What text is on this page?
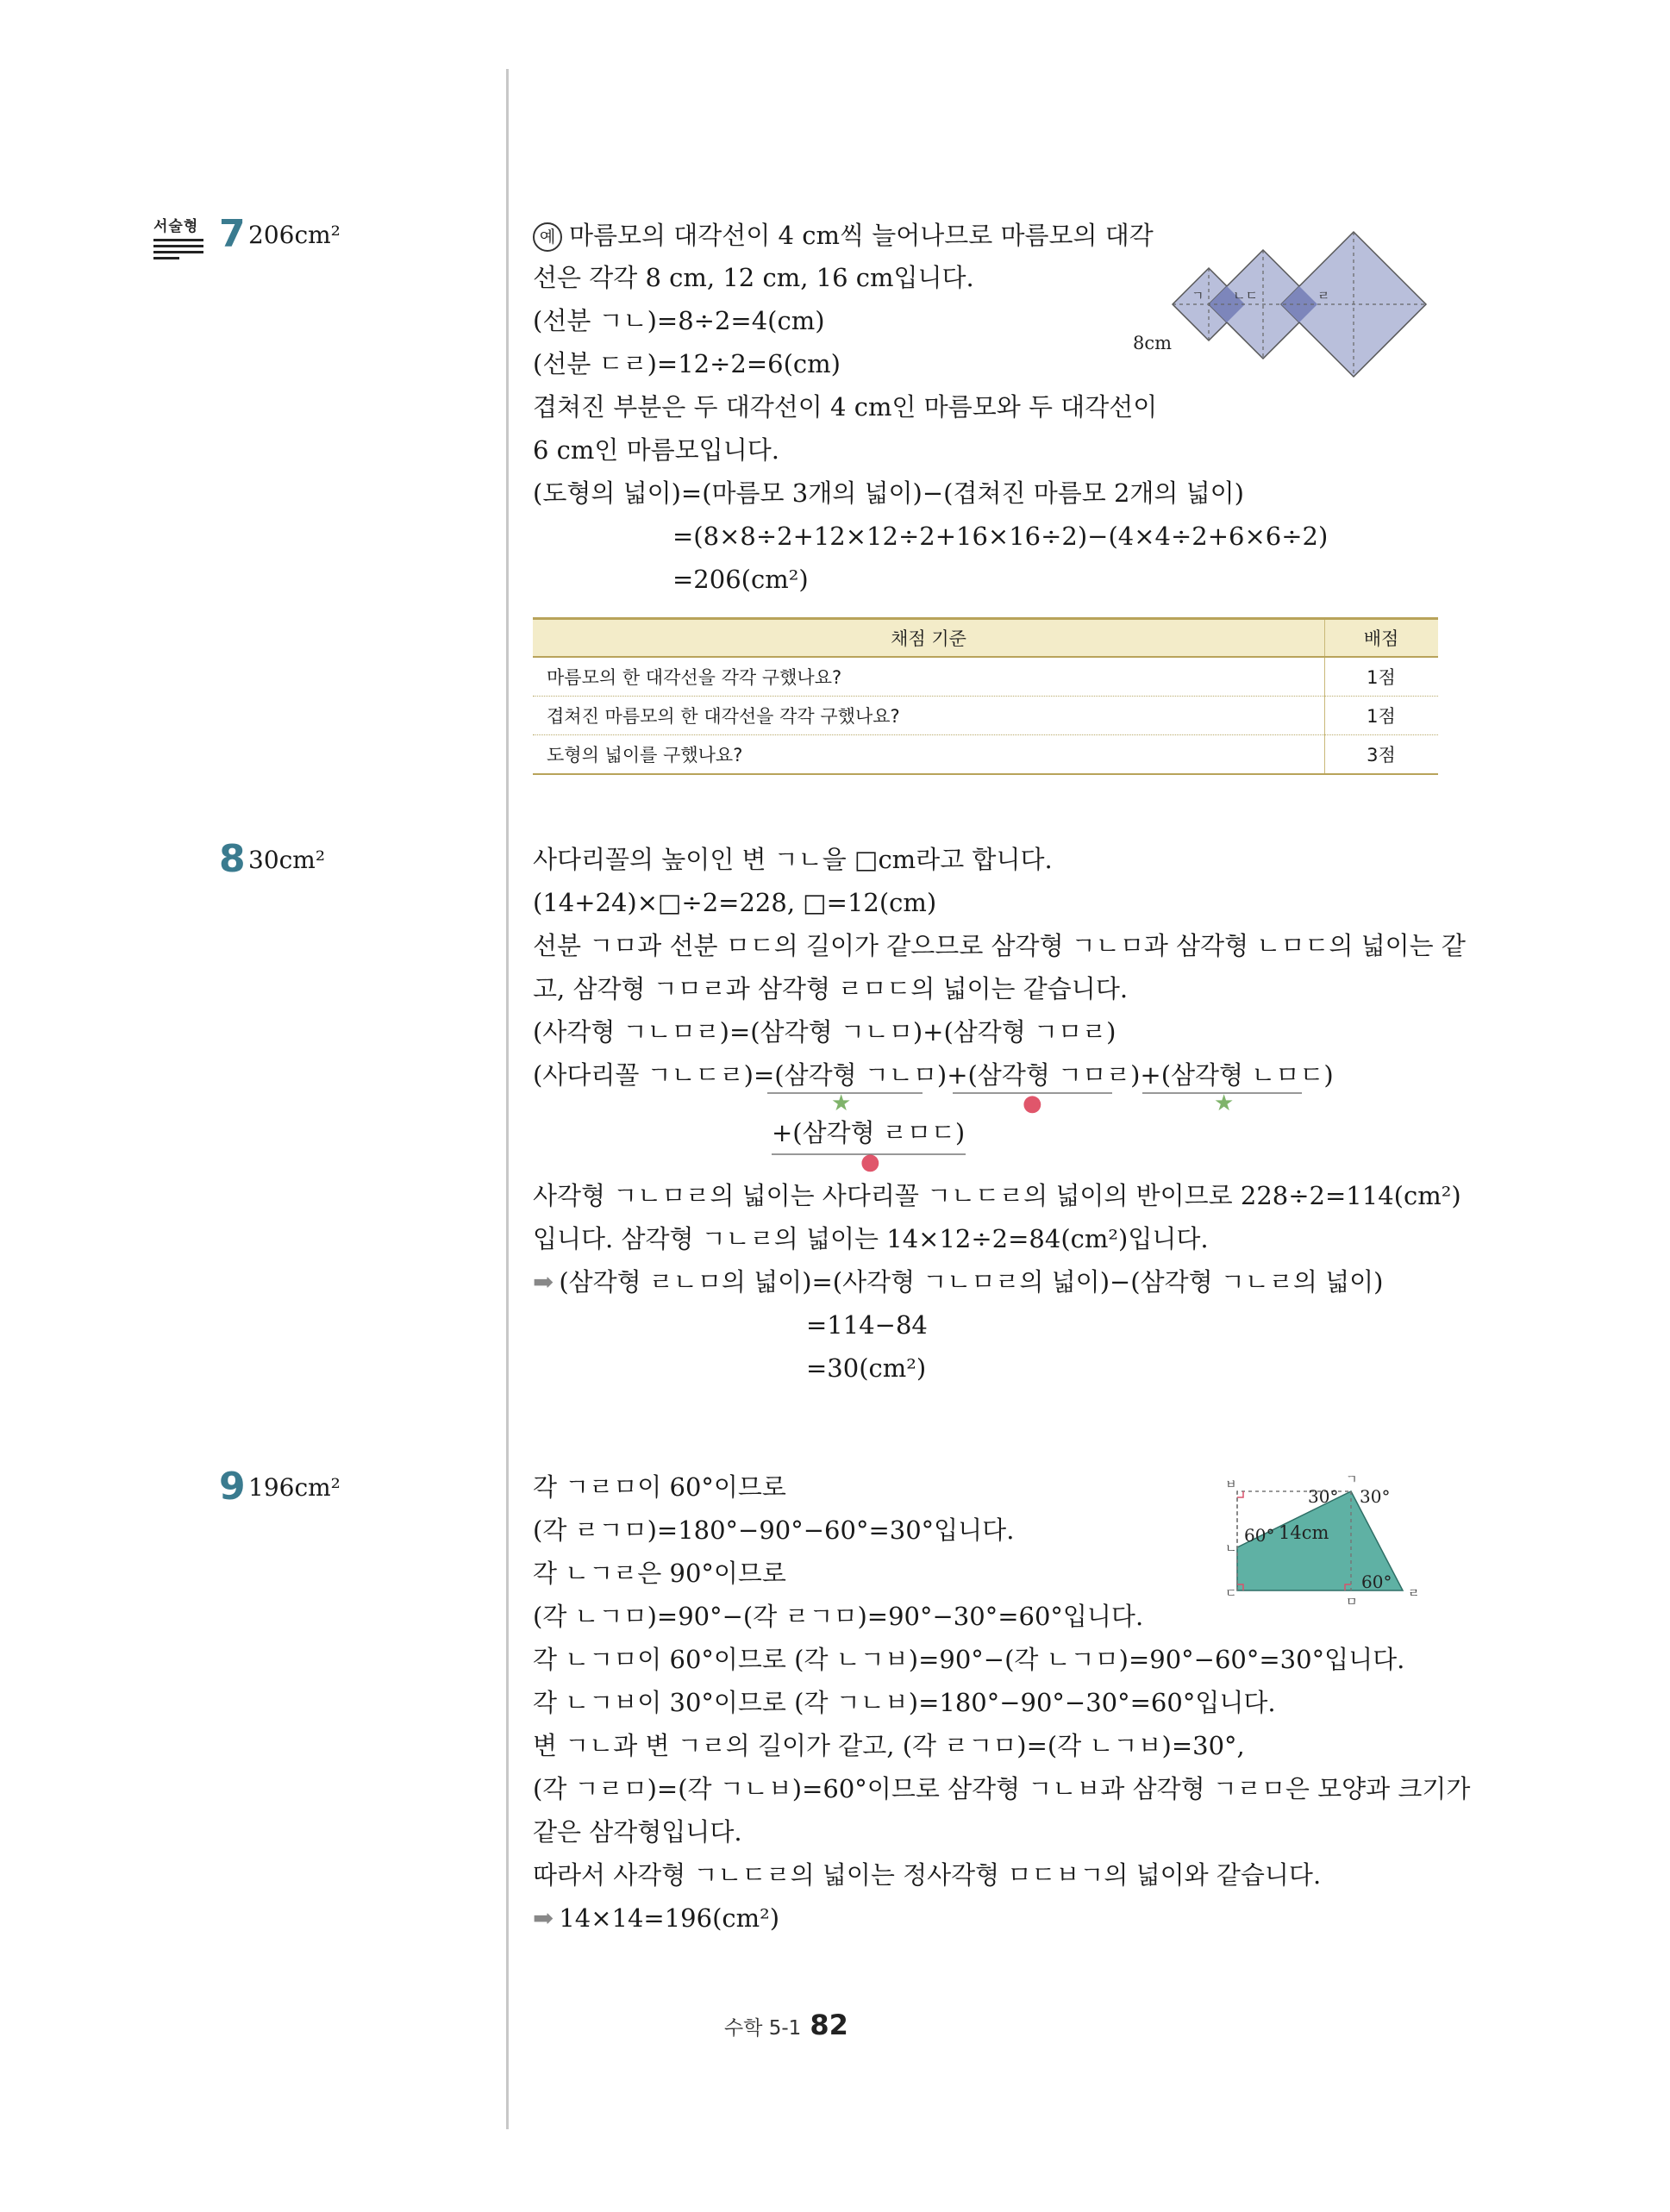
서술형 7 206cm²	예 마름모의 대각선이 4 cm씩 늘어나므로 마름모의 대각
선은 각각 8 cm, 12 cm, 16 cm입니다.
(선분 ㄱㄴ)=8÷2=4(cm)
(선분 ㄷㄹ)=12÷2=6(cm)
겹쳐진 부분은 두 대각선이 4 cm인 마름모와 두 대각선이
6 cm인 마름모입니다.
(도형의 넓이)=(마름모 3개의 넓이)−(겹쳐진 마름모 2개의 넓이)
=(8×8÷2+12×12÷2+16×16÷2)−(4×4÷2+6×6÷2)
=206(cm²)
ㄱ ㄴㄷ	ㄹ
8cm
채점 기준	배점
마름모의 한 대각선을 각각 구했나요?	1점
겹쳐진 마름모의 한 대각선을 각각 구했나요?	1점
도형의 넓이를 구했나요?	3점
8 30cm²	사다리꼴의 높이인 변 ㄱㄴ을 □cm라고 합니다.
(14+24)×□÷2=228, □=12(cm)
선분 ㄱㅁ과 선분 ㅁㄷ의 길이가 같으므로 삼각형 ㄱㄴㅁ과 삼각형 ㄴㅁㄷ의 넓이는 같
고, 삼각형 ㄱㅁㄹ과 삼각형 ㄹㅁㄷ의 넓이는 같습니다.
(사각형 ㄱㄴㅁㄹ)=(삼각형 ㄱㄴㅁ)+(삼각형 ㄱㅁㄹ)
(사다리꼴 ㄱㄴㄷㄹ)=(삼각형 ㄱㄴㅁ)+(삼각형 ㄱㅁㄹ)+(삼각형 ㄴㅁㄷ)
+(삼각형 ㄹㅁㄷ)
사각형 ㄱㄴㅁㄹ의 넓이는 사다리꼴 ㄱㄴㄷㄹ의 넓이의 반이므로 228÷2=114(cm²)
입니다. 삼각형 ㄱㄴㄹ의 넓이는 14×12÷2=84(cm²)입니다.
➡ (삼각형 ㄹㄴㅁ의 넓이)=(사각형 ㄱㄴㅁㄹ의 넓이)−(삼각형 ㄱㄴㄹ의 넓이)
=114−84
=30(cm²)
★	●	★
●
9 196cm²	각 ㄱㄹㅁ이 60°이므로
(각 ㄹㄱㅁ)=180°−90°−60°=30°입니다.
각 ㄴㄱㄹ은 90°이므로
(각 ㄴㄱㅁ)=90°−(각 ㄹㄱㅁ)=90°−30°=60°입니다.
각 ㄴㄱㅁ이 60°이므로 (각 ㄴㄱㅂ)=90°−(각 ㄴㄱㅁ)=90°−60°=30°입니다.
각 ㄴㄱㅂ이 30°이므로 (각 ㄱㄴㅂ)=180°−90°−30°=60°입니다.
변 ㄱㄴ과 변 ㄱㄹ의 길이가 같고, (각 ㄹㄱㅁ)=(각 ㄴㄱㅂ)=30°,
(각 ㄱㄹㅁ)=(각 ㄱㄴㅂ)=60°이므로 삼각형 ㄱㄴㅂ과 삼각형 ㄱㄹㅁ은 모양과 크기가
같은 삼각형입니다.
따라서 사각형 ㄱㄴㄷㄹ의 넓이는 정사각형 ㅁㄷㅂㄱ의 넓이와 같습니다.
➡ 14×14=196(cm²)
ㅂ	ㄱ
ㄴ
ㄷ
ㅁ
ㄹ
30° 30°
60°
60°
14cm
수학 5-1 82
